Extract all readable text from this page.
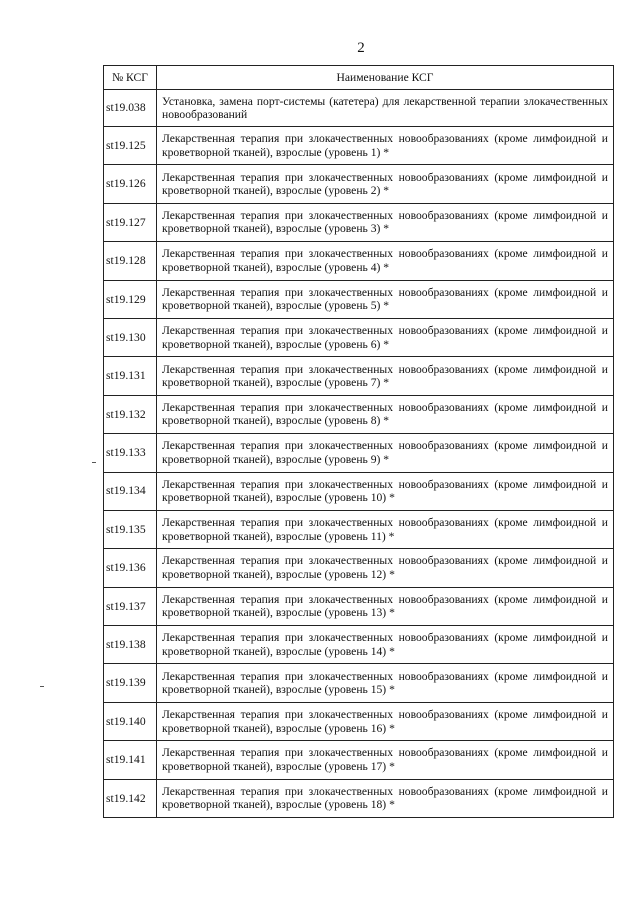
2
№ КСГ	Наименование КСГ
st19.038	Установка, замена порт-системы (катетера) для лекарственной терапии злокачественных новообразований
st19.125	Лекарственная терапия при злокачественных новообразованиях (кроме лимфоидной и кроветворной тканей), взрослые (уровень 1) *
st19.126	Лекарственная терапия при злокачественных новообразованиях (кроме лимфоидной и кроветворной тканей), взрослые (уровень 2) *
st19.127	Лекарственная терапия при злокачественных новообразованиях (кроме лимфоидной и кроветворной тканей), взрослые (уровень 3) *
st19.128	Лекарственная терапия при злокачественных новообразованиях (кроме лимфоидной и кроветворной тканей), взрослые (уровень 4) *
st19.129	Лекарственная терапия при злокачественных новообразованиях (кроме лимфоидной и кроветворной тканей), взрослые (уровень 5) *
st19.130	Лекарственная терапия при злокачественных новообразованиях (кроме лимфоидной и кроветворной тканей), взрослые (уровень 6) *
st19.131	Лекарственная терапия при злокачественных новообразованиях (кроме лимфоидной и кроветворной тканей), взрослые (уровень 7) *
st19.132	Лекарственная терапия при злокачественных новообразованиях (кроме лимфоидной и кроветворной тканей), взрослые (уровень 8) *
st19.133	Лекарственная терапия при злокачественных новообразованиях (кроме лимфоидной и кроветворной тканей), взрослые (уровень 9) *
st19.134	Лекарственная терапия при злокачественных новообразованиях (кроме лимфоидной и кроветворной тканей), взрослые (уровень 10) *
st19.135	Лекарственная терапия при злокачественных новообразованиях (кроме лимфоидной и кроветворной тканей), взрослые (уровень 11) *
st19.136	Лекарственная терапия при злокачественных новообразованиях (кроме лимфоидной и кроветворной тканей), взрослые (уровень 12) *
st19.137	Лекарственная терапия при злокачественных новообразованиях (кроме лимфоидной и кроветворной тканей), взрослые (уровень 13) *
st19.138	Лекарственная терапия при злокачественных новообразованиях (кроме лимфоидной и кроветворной тканей), взрослые (уровень 14) *
st19.139	Лекарственная терапия при злокачественных новообразованиях (кроме лимфоидной и кроветворной тканей), взрослые (уровень 15) *
st19.140	Лекарственная терапия при злокачественных новообразованиях (кроме лимфоидной и кроветворной тканей), взрослые (уровень 16) *
st19.141	Лекарственная терапия при злокачественных новообразованиях (кроме лимфоидной и кроветворной тканей), взрослые (уровень 17) *
st19.142	Лекарственная терапия при злокачественных новообразованиях (кроме лимфоидной и кроветворной тканей), взрослые (уровень 18) *
